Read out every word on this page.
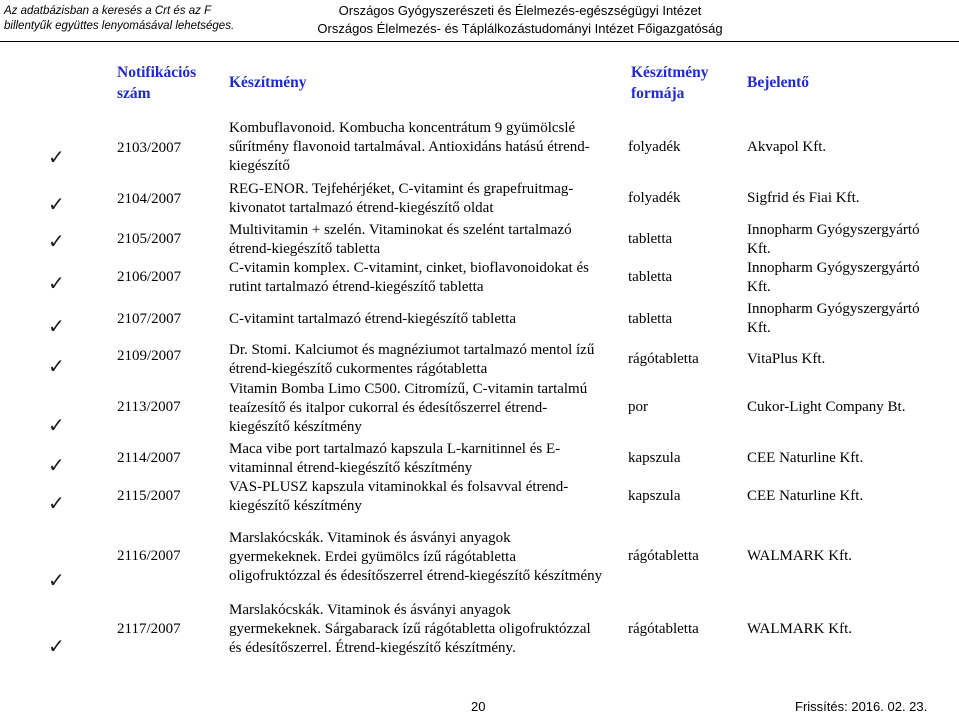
Az adatbázisban a keresés a Crt és az F
billentyűk együttes lenyomásával lehetséges.
Országos Gyógyszerészeti és Élelmezés-egészségügyi Intézet
Országos Élelmezés- és Táplálkozástudományi Intézet Főigazgatóság
Notifikációs
szám
Készítmény
Készítmény
formája
Bejelentő
✓	2103/2007
Kombuflavonoid. Kombucha koncentrátum 9 gyümölcslé
sűrítmény flavonoid tartalmával. Antioxidáns hatású étrend-
kiegészítő
folyadék	Akvapol Kft.
✓	2104/2007
REG-ENOR. Tejfehérjéket, C-vitamint és grapefruitmag-
kivonatot tartalmazó étrend-kiegészítő oldat
folyadék	Sigfrid és Fiai Kft.
✓	2105/2007
Multivitamin + szelén. Vitaminokat és szelént tartalmazó
étrend-kiegészítő tabletta
tabletta
Innopharm Gyógyszergyártó
Kft.
✓	2106/2007
C-vitamin komplex. C-vitamint, cinket, bioflavonoidokat és
rutint tartalmazó étrend-kiegészítő tabletta
tabletta
Innopharm Gyógyszergyártó
Kft.
✓	2107/2007	C-vitamint tartalmazó étrend-kiegészítő tabletta	tabletta
Innopharm Gyógyszergyártó
Kft.
✓	2109/2007	Dr. Stomi. Kalciumot és magnéziumot tartalmazó mentol ízű
étrend-kiegészítő cukormentes rágótabletta
rágótabletta	VitaPlus Kft.
✓
2113/2007
Vitamin Bomba Limo C500. Citromízű, C-vitamin tartalmú
teaízesítő és italpor cukorral és édesítőszerrel étrend-
kiegészítő készítmény
por	Cukor-Light Company Bt.
✓	2114/2007
Maca vibe port tartalmazó kapszula L-karnitinnel és E-
vitaminnal étrend-kiegészítő készítmény
kapszula	CEE Naturline Kft.
✓	2115/2007
VAS-PLUSZ kapszula vitaminokkal és folsavval étrend-
kiegészítő készítmény
kapszula	CEE Naturline Kft.
✓
2116/2007
Marslakócskák. Vitaminok és ásványi anyagok
gyermekeknek. Erdei gyümölcs ízű rágótabletta
oligofruktózzal és édesítőszerrel étrend-kiegészítő készítmény
rágótabletta	WALMARK Kft.
✓
2117/2007
Marslakócskák. Vitaminok és ásványi anyagok
gyermekeknek. Sárgabarack ízű rágótabletta oligofruktózzal
és édesítőszerrel. Étrend-kiegészítő készítmény.
rágótabletta	WALMARK Kft.
20	Frissítés: 2016. 02. 23.
